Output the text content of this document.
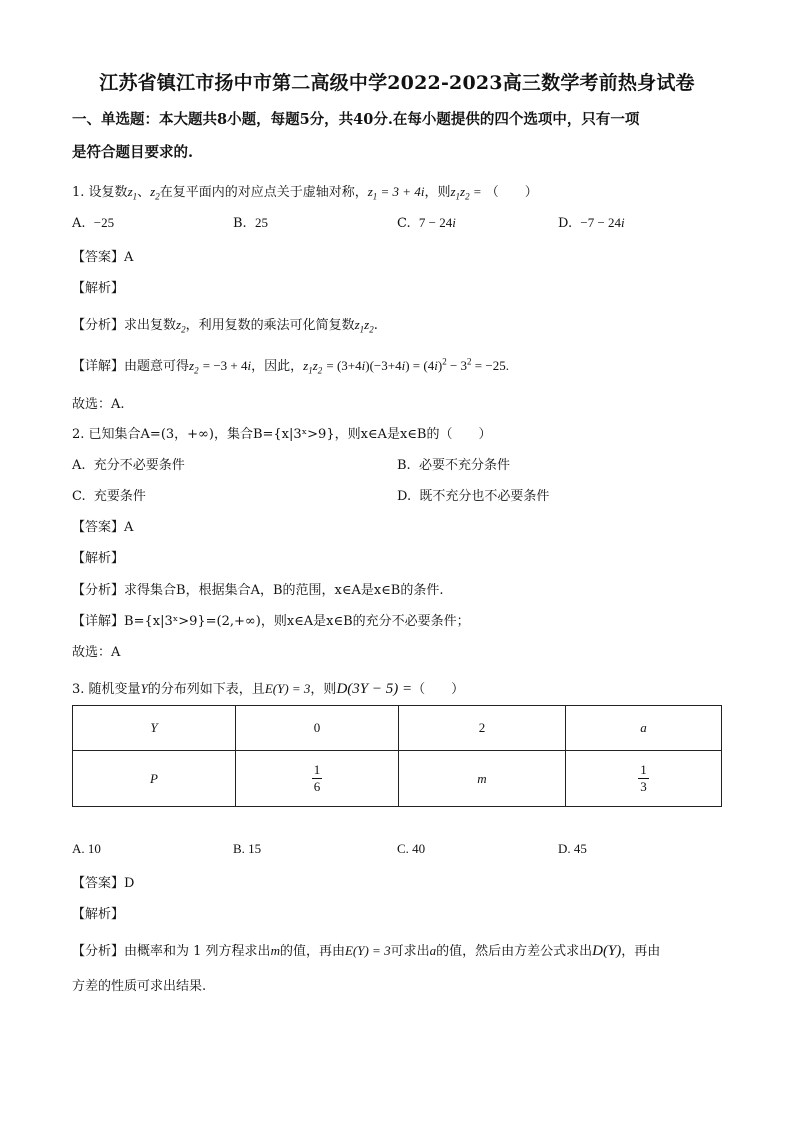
江苏省镇江市扬中市第二高级中学2022-2023高三数学考前热身试卷
一、单选题：本大题共8小题，每题5分，共40分.在每小题提供的四个选项中，只有一项
是符合题目要求的.
1. 设复数$z_1$、$z_2$在复平面内的对应点关于虚轴对称，$z_1 = 3 + 4i$，则$z_1z_2$ = （　　）
A. −25	B. 25	C. 7 − 24i	D. −7 − 24i
【答案】A
【解析】
【分析】求出复数$z_2$，利用复数的乘法可化简复数$z_1z_2$.
【详解】由题意可得$z_2 = -3 + 4i$，因此，$z_1z_2 = (3+4i)(-3+4i) = (4i)^2 - 3^2 = -25$.
故选：A.
2. 已知集合A=(3，+∞)，集合B={x|3ˣ>9}，则x∈A是x∈B的（　　）
A. 充分不必要条件	B. 必要不充分条件
C. 充要条件	D. 既不充分也不必要条件
【答案】A
【解析】
【分析】求得集合B，根据集合A，B的范围，x∈A是x∈B的条件.
【详解】B={x|3ˣ>9}=(2,+∞)，则x∈A是x∈B的充分不必要条件；
故选：A
3. 随机变量Y的分布列如下表，且E(Y) = 3，则D(3Y − 5) =（　　）
Y	0	2	a
P	$\frac{1}{6}$	m	$\frac{1}{3}$
A. 10	B. 15	C. 40	D. 45
【答案】D
【解析】
【分析】由概率和为 1 列方程求出m的值，再由E(Y) = 3可求出a的值，然后由方差公式求出D(Y)，再由
方差的性质可求出结果.
